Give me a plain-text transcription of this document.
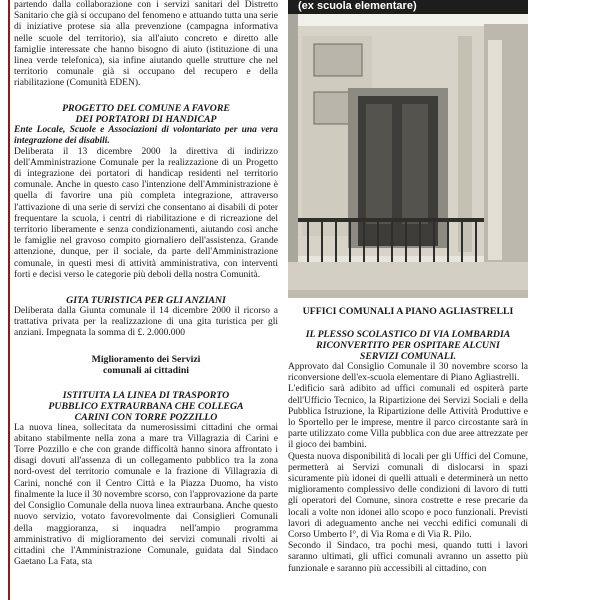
partendo dalla collaborazione con i servizi sanitari del Distretto Sanitario che già si occupano del fenomeno e attuando tutta una serie di iniziative protese sia alla prevenzione (campagna informativa nelle scuole del territorio), sia all'aiuto concreto e diretto alle famiglie interessate che hanno bisogno di aiuto (istituzione di una linea verde telefonica), sia infine aiutando quelle strutture che nel territorio comunale già si occupano del recupero e della riabilitazione (Comunità EDEN).

PROGETTO DEL COMUNE A FAVORE

DEI PORTATORI DI HANDICAP

Ente Locale, Scuole e Associazioni di volontariato per una vera integrazione dei disabili.

Deliberata il 13 dicembre 2000 la direttiva di indirizzo dell'Amministrazione Comunale per la realizzazione di un Progetto di integrazione dei portatori di handicap residenti nel territorio comunale. Anche in questo caso l'intenzione dell'Amministrazione è quella di favorire una più completa integrazione, attraverso l'attivazione di una serie di servizi che consentano ai disabili di poter frequentare la scuola, i centri di riabilitazione e di ricreazione del territorio liberamente e senza condizionamenti, aiutando così anche le famiglie nel gravoso compito giornaliero dell'assistenza. Grande attenzione, dunque, per il sociale, da parte dell'Amministrazione comunale, in questi mesi di attività amministrativa, con interventi forti e decisi verso le categorie più deboli della nostra Comunità.

GITA TURISTICA PER GLI ANZIANI

Deliberata dalla Giunta comunale il 14 dicembre 2000 il ricorso a trattativa privata per la realizzazione di una gita turistica per gli anziani. Impegnata la somma di £. 2.000.000

Miglioramento dei Servizi

comunali ai cittadini

ISTITUITA LA LINEA DI TRASPORTO

PUBBLICO EXTRAURBANA CHE COLLEGA

CARINI CON TORRE POZZILLO

La nuova linea, sollecitata da numerosissimi cittadini che ormai abitano stabilmente nella zona a mare tra Villagrazia di Carini e Torre Pozzillo e che con grande difficoltà hanno sinora affrontato i disagi dovuti all'assenza di un collegamento pubblico tra la zona nord-ovest del territorio comunale e la frazione di Villagrazia di Carini, nonché con il Centro Città e la Piazza Duomo, ha visto finalmente la luce il 30 novembre scorso, con l'approvazione da parte del Consiglio Comunale della nuova linea extraurbana. Anche questo nuovo servizio, votato favorevolmente dai Consiglieri Comunali della maggioranza, si inquadra nell'ampio programma amministrativo di miglioramento dei servizi comunali rivolti ai cittadini che l'Amministrazione Comunale, guidata dal Sindaco Gaetano La Fata, sta

(ex scuola elementare)

UFFICI COMUNALI A PIANO AGLIASTRELLI

IL PLESSO SCOLASTICO DI VIA LOMBARDIA

RICONVERTITO PER OSPITARE ALCUNI

SERVIZI COMUNALI.

Approvato dal Consiglio Comunale il 30 novembre scorso la riconversione dell'ex-scuola elementare di Piano Agliastrelli.

L'edificio sarà adibito ad uffici comunali ed ospiterà parte dell'Ufficio Tecnico, la Ripartizione dei Servizi Sociali e della Pubblica Istruzione, la Ripartizione delle Attività Produttive e lo Sportello per le imprese, mentre il parco circostante sarà in parte utilizzato come Villa pubblica con due aree attrezzate per il gioco dei bambini.

Questa nuova disponibilità di locali per gli Uffici del Comune, permetterà ai Servizi comunali di dislocarsi in spazi sicuramente più idonei di quelli attuali e determinerà un netto miglioramento complessivo delle condizioni di lavoro di tutti gli operatori del Comune, sinora costrette e rese precarie da locali a volte non idonei allo scopo e poco funzionali. Previsti lavori di adeguamento anche nei vecchi edifici comunali di Corso Umberto I°, di Via Roma e di Via R. Pilo.

Secondo il Sindaco, tra pochi mesi, quando tutti i lavori saranno ultimati, gli uffici comunali avranno un assetto più funzionale e saranno più accessibili al cittadino, con
